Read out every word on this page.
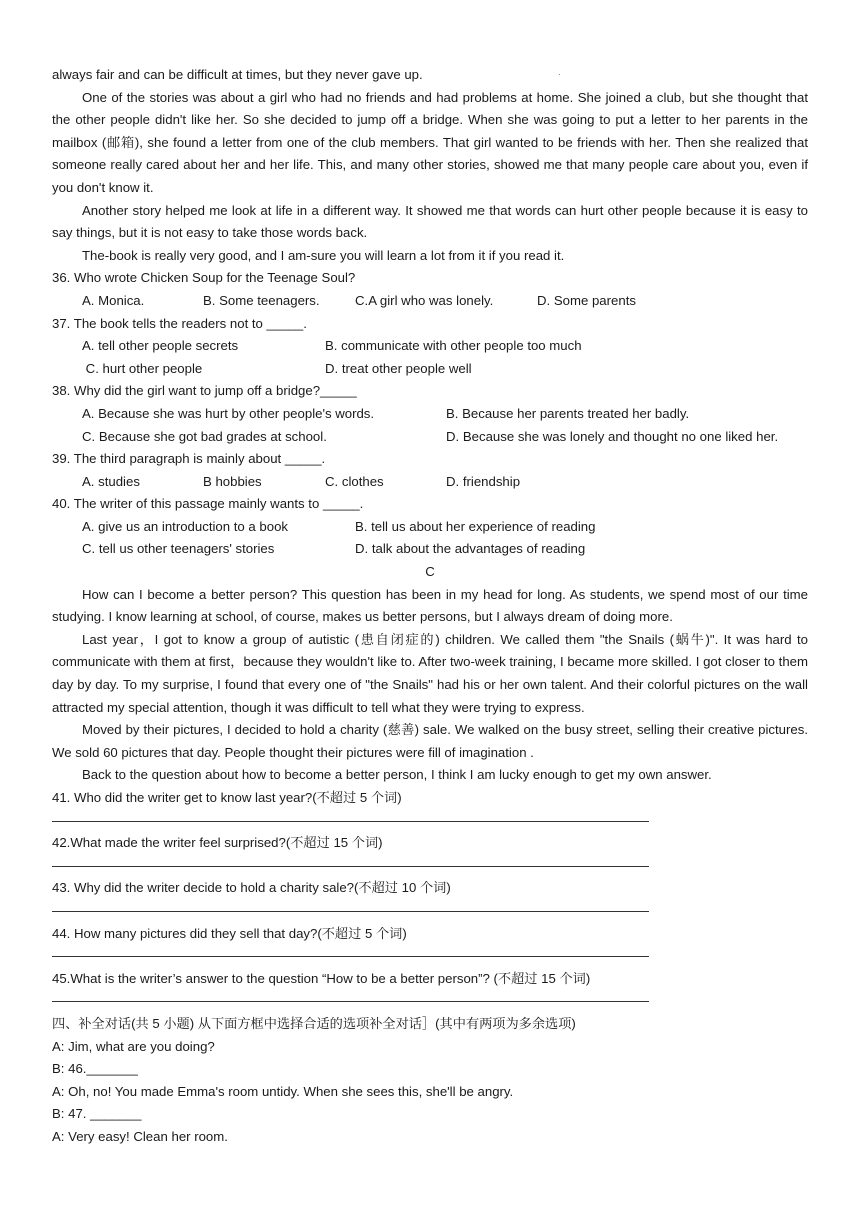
·
always fair and can be difficult at times, but they never gave up.

One of the stories was about a girl who had no friends and had problems at home. She joined a club, but she thought that the other people didn't like her. So she decided to jump off a bridge. When she was going to put a letter to her parents in the mailbox (邮箱), she found a letter from one of the club members. That girl wanted to be friends with her. Then she realized that someone really cared about her and her life. This, and many other stories, showed me that many people care about you, even if you don't know it.

Another story helped me look at life in a different way. It showed me that words can hurt other people because it is easy to say things, but it is not easy to take those words back.

The-book is really very good, and I am-sure you will learn a lot from it if you read it.

36. Who wrote Chicken Soup for the Teenage Soul?
A. Monica.	B. Some teenagers.	C.A girl who was lonely.	D. Some parents
37. The book tells the readers not to _____.
A. tell other people secrets	B. communicate with other people too much
C. hurt other people	D. treat other people well
38. Why did the girl want to jump off a bridge?_____
A. Because she was hurt by other people's words.	B. Because her parents treated her badly.
C. Because she got bad grades at school.	D. Because she was lonely and thought no one liked her.
39. The third paragraph is mainly about _____.
A. studies	B hobbies	C. clothes	D. friendship
40. The writer of this passage mainly wants to _____.
A. give us an introduction to a book	B. tell us about her experience of reading
C. tell us other teenagers' stories	D. talk about the advantages of reading
C

How can I become a better person? This question has been in my head for long. As students, we spend most of our time studying. I know learning at school, of course, makes us better persons, but I always dream of doing more.

Last year，I got to know a group of autistic (患自闭症的) children. We called them "the Snails (蜗牛)". It was hard to communicate with them at first，because they wouldn't like to. After two-week training, I became more skilled. I got closer to them day by day. To my surprise, I found that every one of "the Snails" had his or her own talent. And their colorful pictures on the wall attracted my special attention, though it was difficult to tell what they were trying to express.

Moved by their pictures, I decided to hold a charity (慈善) sale. We walked on the busy street, selling their creative pictures. We sold 60 pictures that day. People thought their pictures were fill of imagination .

Back to the question about how to become a better person, I think I am lucky enough to get my own answer.

41. Who did the writer get to know last year?(不超过 5 个词)
42.What made the writer feel surprised?(不超过 15 个词)
43. Why did the writer decide to hold a charity sale?(不超过 10 个词)
44. How many pictures did they sell that day?(不超过 5 个词)
45.What is the writer’s answer to the question “How to be a better person”? (不超过 15 个词)
四、补全对话(共 5 小题) 从下面方框中选择合适的选项补全对话］(其中有两项为多余选项)
A: Jim, what are you doing?
B: 46._______
A: Oh, no! You made Emma's room untidy. When she sees this, she'll be angry.
B: 47. _______
A: Very easy! Clean her room.
